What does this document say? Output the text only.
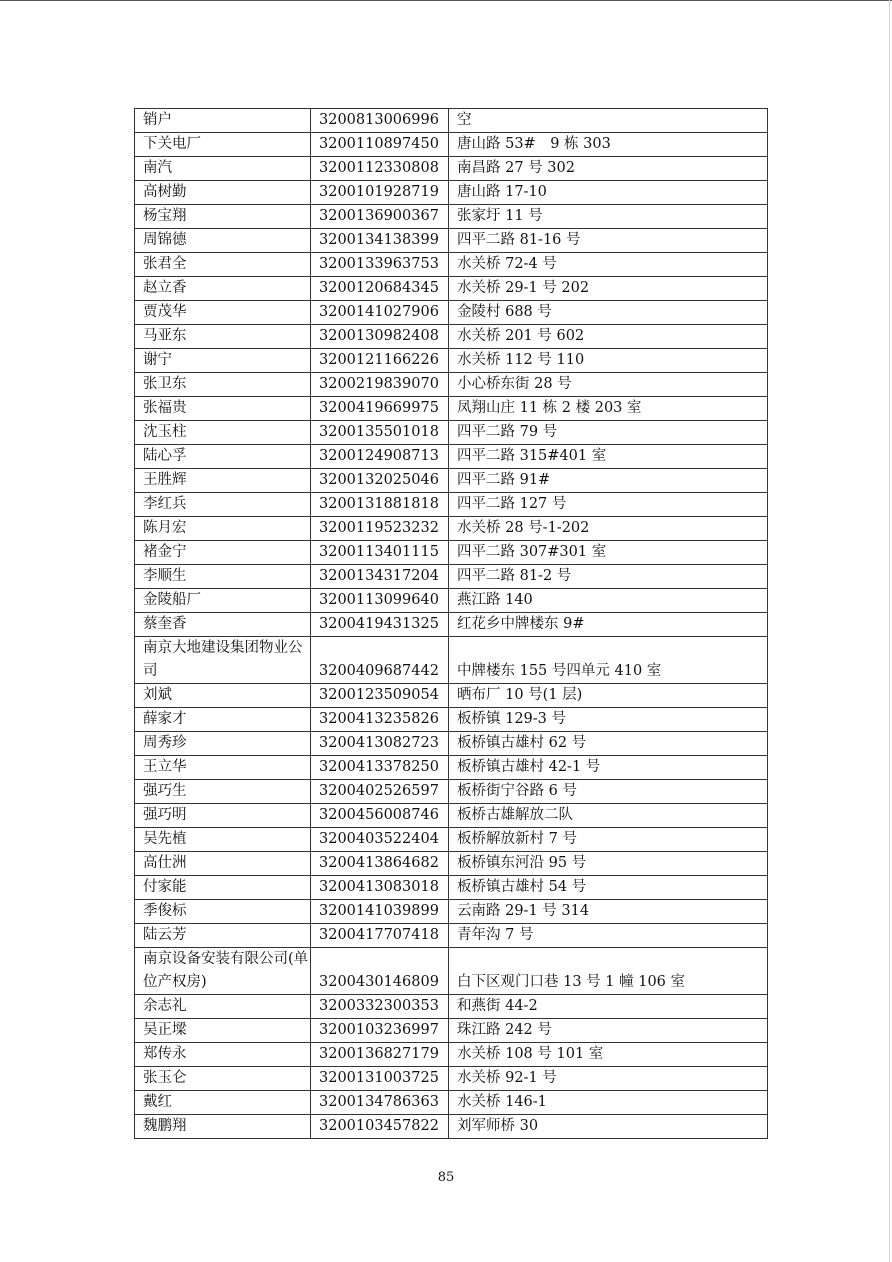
销户	3200813006996	空
下关电厂	3200110897450	唐山路 53#　9 栋 303
南汽	3200112330808	南昌路 27 号 302
高树勤	3200101928719	唐山路 17-10
杨宝翔	3200136900367	张家圩 11 号
周锦德	3200134138399	四平二路 81-16 号
张君全	3200133963753	水关桥 72-4 号
赵立香	3200120684345	水关桥 29-1 号 202
贾茂华	3200141027906	金陵村 688 号
马亚东	3200130982408	水关桥 201 号 602
谢宁	3200121166226	水关桥 112 号 110
张卫东	3200219839070	小心桥东街 28 号
张福贵	3200419669975	凤翔山庄 11 栋 2 楼 203 室
沈玉柱	3200135501018	四平二路 79 号
陆心孚	3200124908713	四平二路 315#401 室
王胜辉	3200132025046	四平二路 91#
李红兵	3200131881818	四平二路 127 号
陈月宏	3200119523232	水关桥 28 号-1-202
褚金宁	3200113401115	四平二路 307#301 室
李顺生	3200134317204	四平二路 81-2 号
金陵船厂	3200113099640	燕江路 140
蔡奎香	3200419431325	红花乡中牌楼东 9#
南京大地建设集团物业公司	3200409687442	中牌楼东 155 号四单元 410 室
刘斌	3200123509054	晒布厂 10 号(1 层)
薛家才	3200413235826	板桥镇 129-3 号
周秀珍	3200413082723	板桥镇古雄村 62 号
王立华	3200413378250	板桥镇古雄村 42-1 号
强巧生	3200402526597	板桥街宁谷路 6 号
强巧明	3200456008746	板桥古雄解放二队
吴先植	3200403522404	板桥解放新村 7 号
高仕洲	3200413864682	板桥镇东河沿 95 号
付家能	3200413083018	板桥镇古雄村 54 号
季俊标	3200141039899	云南路 29-1 号 314
陆云芳	3200417707418	青年沟 7 号
南京设备安装有限公司(单位产权房)	3200430146809	白下区观门口巷 13 号 1 幢 106 室
余志礼	3200332300353	和燕街 44-2
吴正墚	3200103236997	珠江路 242 号
郑传永	3200136827179	水关桥 108 号 101 室
张玉仑	3200131003725	水关桥 92-1 号
戴红	3200134786363	水关桥 146-1
魏鹏翔	3200103457822	刘军师桥 30
85
